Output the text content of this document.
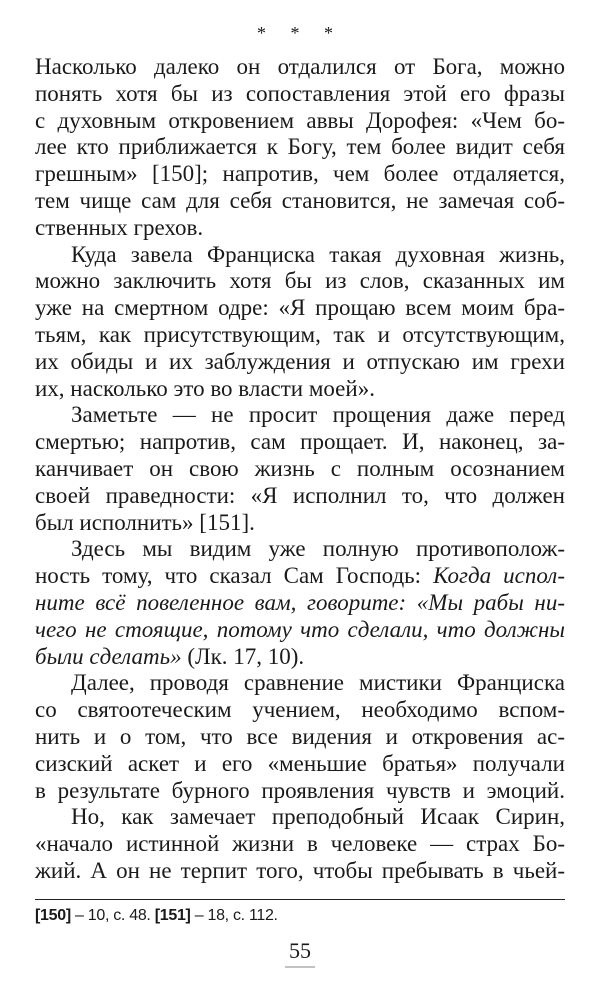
* * *
Насколько далеко он отдалился от Бога, можно
понять хотя бы из сопоставления этой его фразы
с духовным откровением аввы Дорофея: «Чем бо-
лее кто приближается к Богу, тем более видит себя
грешным» [150]; напротив, чем более отдаляется,
тем чище сам для себя становится, не замечая соб-
ственных грехов.
Куда завела Франциска такая духовная жизнь,
можно заключить хотя бы из слов, сказанных им
уже на смертном одре: «Я прощаю всем моим бра-
тьям, как присутствующим, так и отсутствующим,
их обиды и их заблуждения и отпускаю им грехи
их, насколько это во власти моей».
Заметьте — не просит прощения даже перед
смертью; напротив, сам прощает. И, наконец, за-
канчивает он свою жизнь с полным осознанием
своей праведности: «Я исполнил то, что должен
был исполнить» [151].
Здесь мы видим уже полную противополож-
ность тому, что сказал Сам Господь: Когда испол-
ните всё повеленное вам, говорите: «Мы рабы ни-
чего не стоящие, потому что сделали, что должны
были сделать» (Лк. 17, 10).
Далее, проводя сравнение мистики Франциска
со святоотеческим учением, необходимо вспом-
нить и о том, что все видения и откровения ас-
сизский аскет и его «меньшие братья» получали
в результате бурного проявления чувств и эмоций.
Но, как замечает преподобный Исаак Сирин,
«начало истинной жизни в человеке — страх Бо-
жий. А он не терпит того, чтобы пребывать в чьей-
[150] – 10, с. 48. [151] – 18, с. 112.
55
